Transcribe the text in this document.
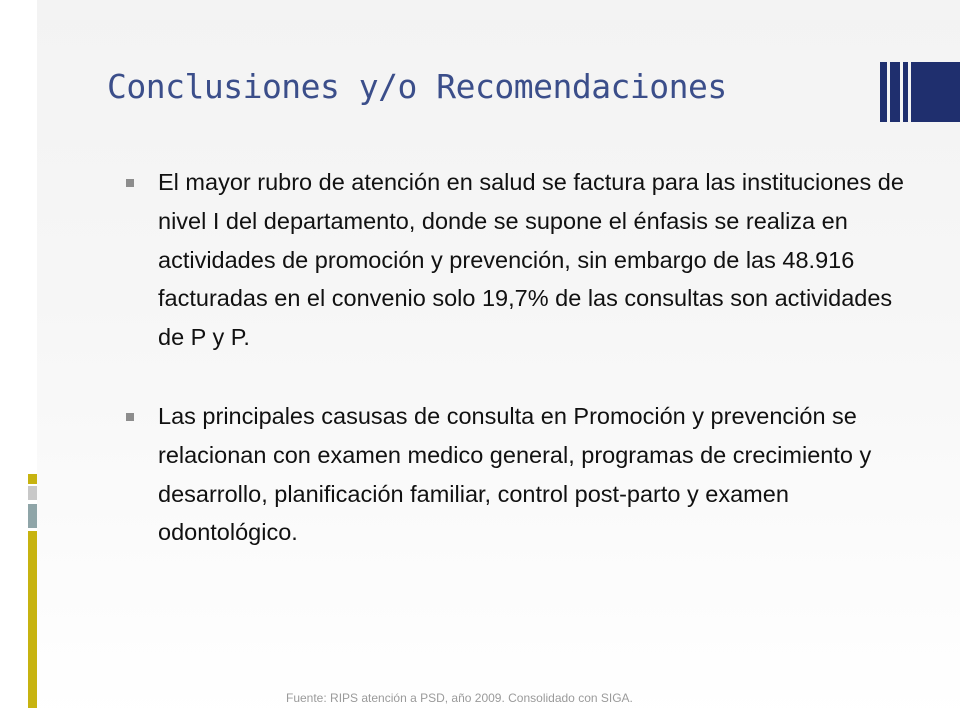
Conclusiones y/o Recomendaciones
El mayor rubro de atención en salud se factura para las instituciones de nivel I del departamento, donde se supone el énfasis se realiza en actividades de promoción y prevención, sin embargo de las 48.916 facturadas en el convenio solo 19,7% de las consultas son actividades de P y P.
Las principales casusas de consulta en Promoción y prevención se relacionan con examen medico general, programas de crecimiento y desarrollo, planificación familiar, control post-parto y examen odontológico.
Fuente: RIPS atención a PSD, año 2009. Consolidado con SIGA.
